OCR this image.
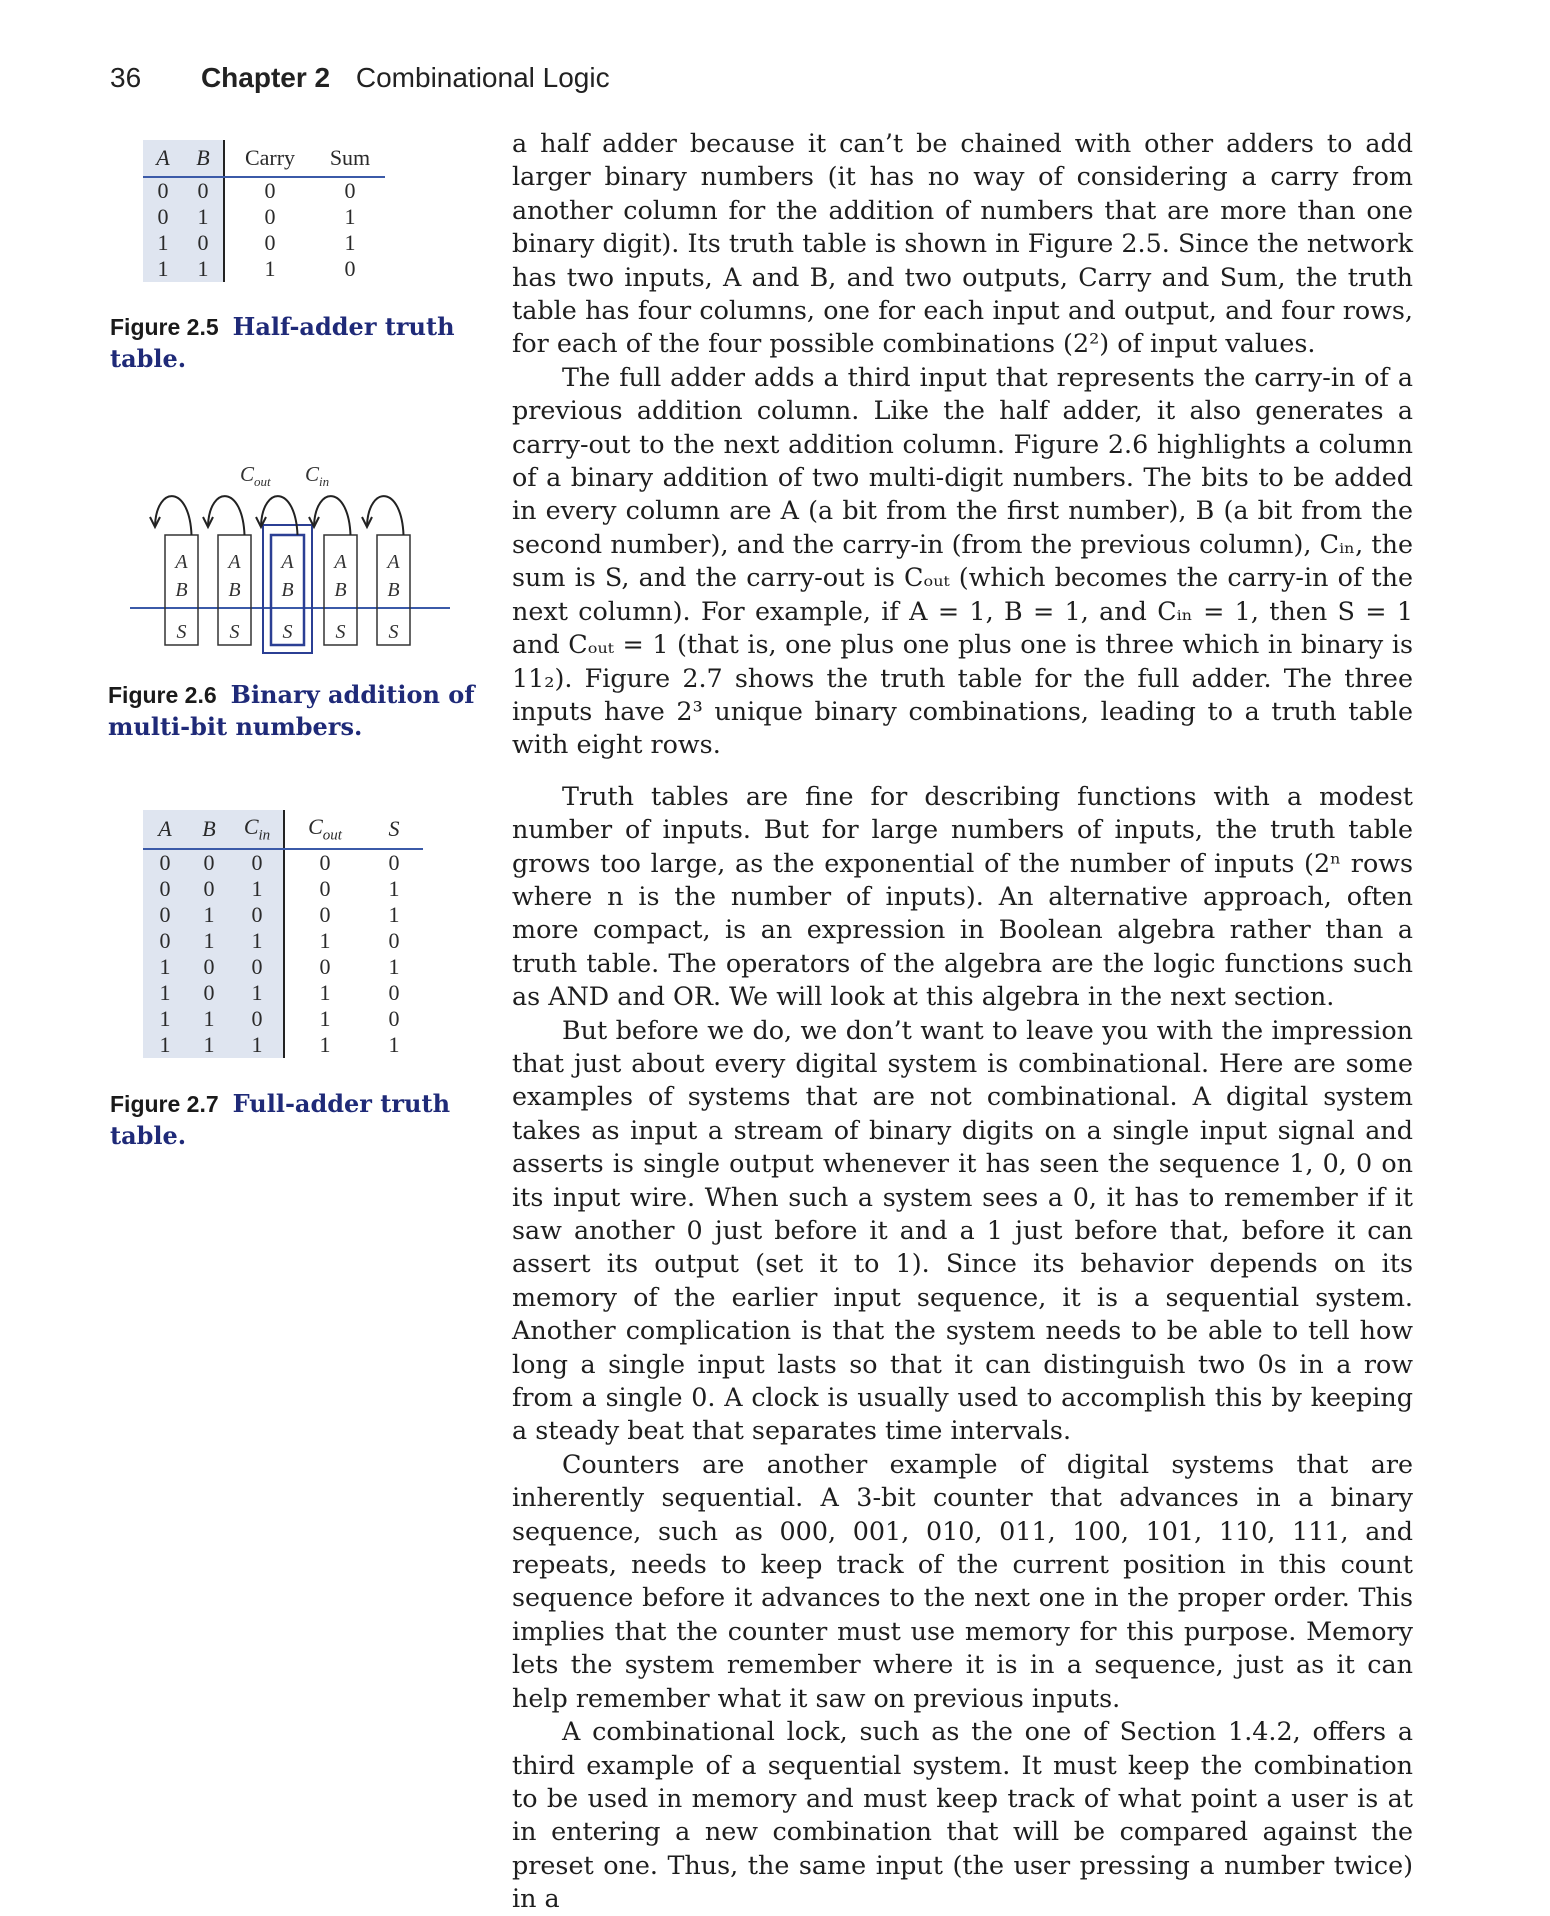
36 Chapter 2 Combinational Logic
A	B	Carry	Sum
0	0	0	0
0	1	0	1
1	0	0	1
1	1	1	0
Figure 2.5 Half-adder truth table.
$C_{out}$ $C_{in}$
A
B
S
A
B
S
A
B
S
A
B
S
A
B
S
Figure 2.6 Binary addition of multi-bit numbers.
A	B	$C_{in}$	$C_{out}$	S
0	0	0	0	0
0	0	1	0	1
0	1	0	0	1
0	1	1	1	0
1	0	0	0	1
1	0	1	1	0
1	1	0	1	0
1	1	1	1	1
Figure 2.7 Full-adder truth table.

a half adder because it can’t be chained with other adders to add larger binary numbers (it has no way of considering a carry from another column for the addition of numbers that are more than one binary digit). Its truth table is shown in Figure 2.5. Since the network has two inputs, A and B, and two outputs, Carry and Sum, the truth table has four columns, one for each input and output, and four rows, for each of the four possible combinations (2²) of input values.

The full adder adds a third input that represents the carry-in of a previous addition column. Like the half adder, it also generates a carry-out to the next addition column. Figure 2.6 highlights a column of a binary addition of two multi-digit numbers. The bits to be added in every column are A (a bit from the first number), B (a bit from the second number), and the carry-in (from the previous column), Cᵢₙ, the sum is S, and the carry-out is Cₒᵤₜ (which becomes the carry-in of the next column). For example, if A = 1, B = 1, and Cᵢₙ = 1, then S = 1 and Cₒᵤₜ = 1 (that is, one plus one plus one is three which in binary is 11₂). Figure 2.7 shows the truth table for the full adder. The three inputs have 2³ unique binary combinations, leading to a truth table with eight rows.

Truth tables are fine for describing functions with a modest number of inputs. But for large numbers of inputs, the truth table grows too large, as the exponential of the number of inputs (2ⁿ rows where n is the number of inputs). An alternative approach, often more compact, is an expression in Boolean algebra rather than a truth table. The operators of the algebra are the logic functions such as AND and OR. We will look at this algebra in the next section.

But before we do, we don’t want to leave you with the impression that just about every digital system is combinational. Here are some examples of systems that are not combinational. A digital system takes as input a stream of binary digits on a single input signal and asserts is single output whenever it has seen the sequence 1, 0, 0 on its input wire. When such a system sees a 0, it has to remember if it saw another 0 just before it and a 1 just before that, before it can assert its output (set it to 1). Since its behavior depends on its memory of the earlier input sequence, it is a sequential system. Another complication is that the system needs to be able to tell how long a single input lasts so that it can distinguish two 0s in a row from a single 0. A clock is usually used to accomplish this by keeping a steady beat that separates time intervals.

Counters are another example of digital systems that are inherently sequential. A 3-bit counter that advances in a binary sequence, such as 000, 001, 010, 011, 100, 101, 110, 111, and repeats, needs to keep track of the current position in this count sequence before it advances to the next one in the proper order. This implies that the counter must use memory for this purpose. Memory lets the system remember where it is in a sequence, just as it can help remember what it saw on previous inputs.

A combinational lock, such as the one of Section 1.4.2, offers a third example of a sequential system. It must keep the combination to be used in memory and must keep track of what point a user is at in entering a new combination that will be compared against the preset one. Thus, the same input (the user pressing a number twice) in a
